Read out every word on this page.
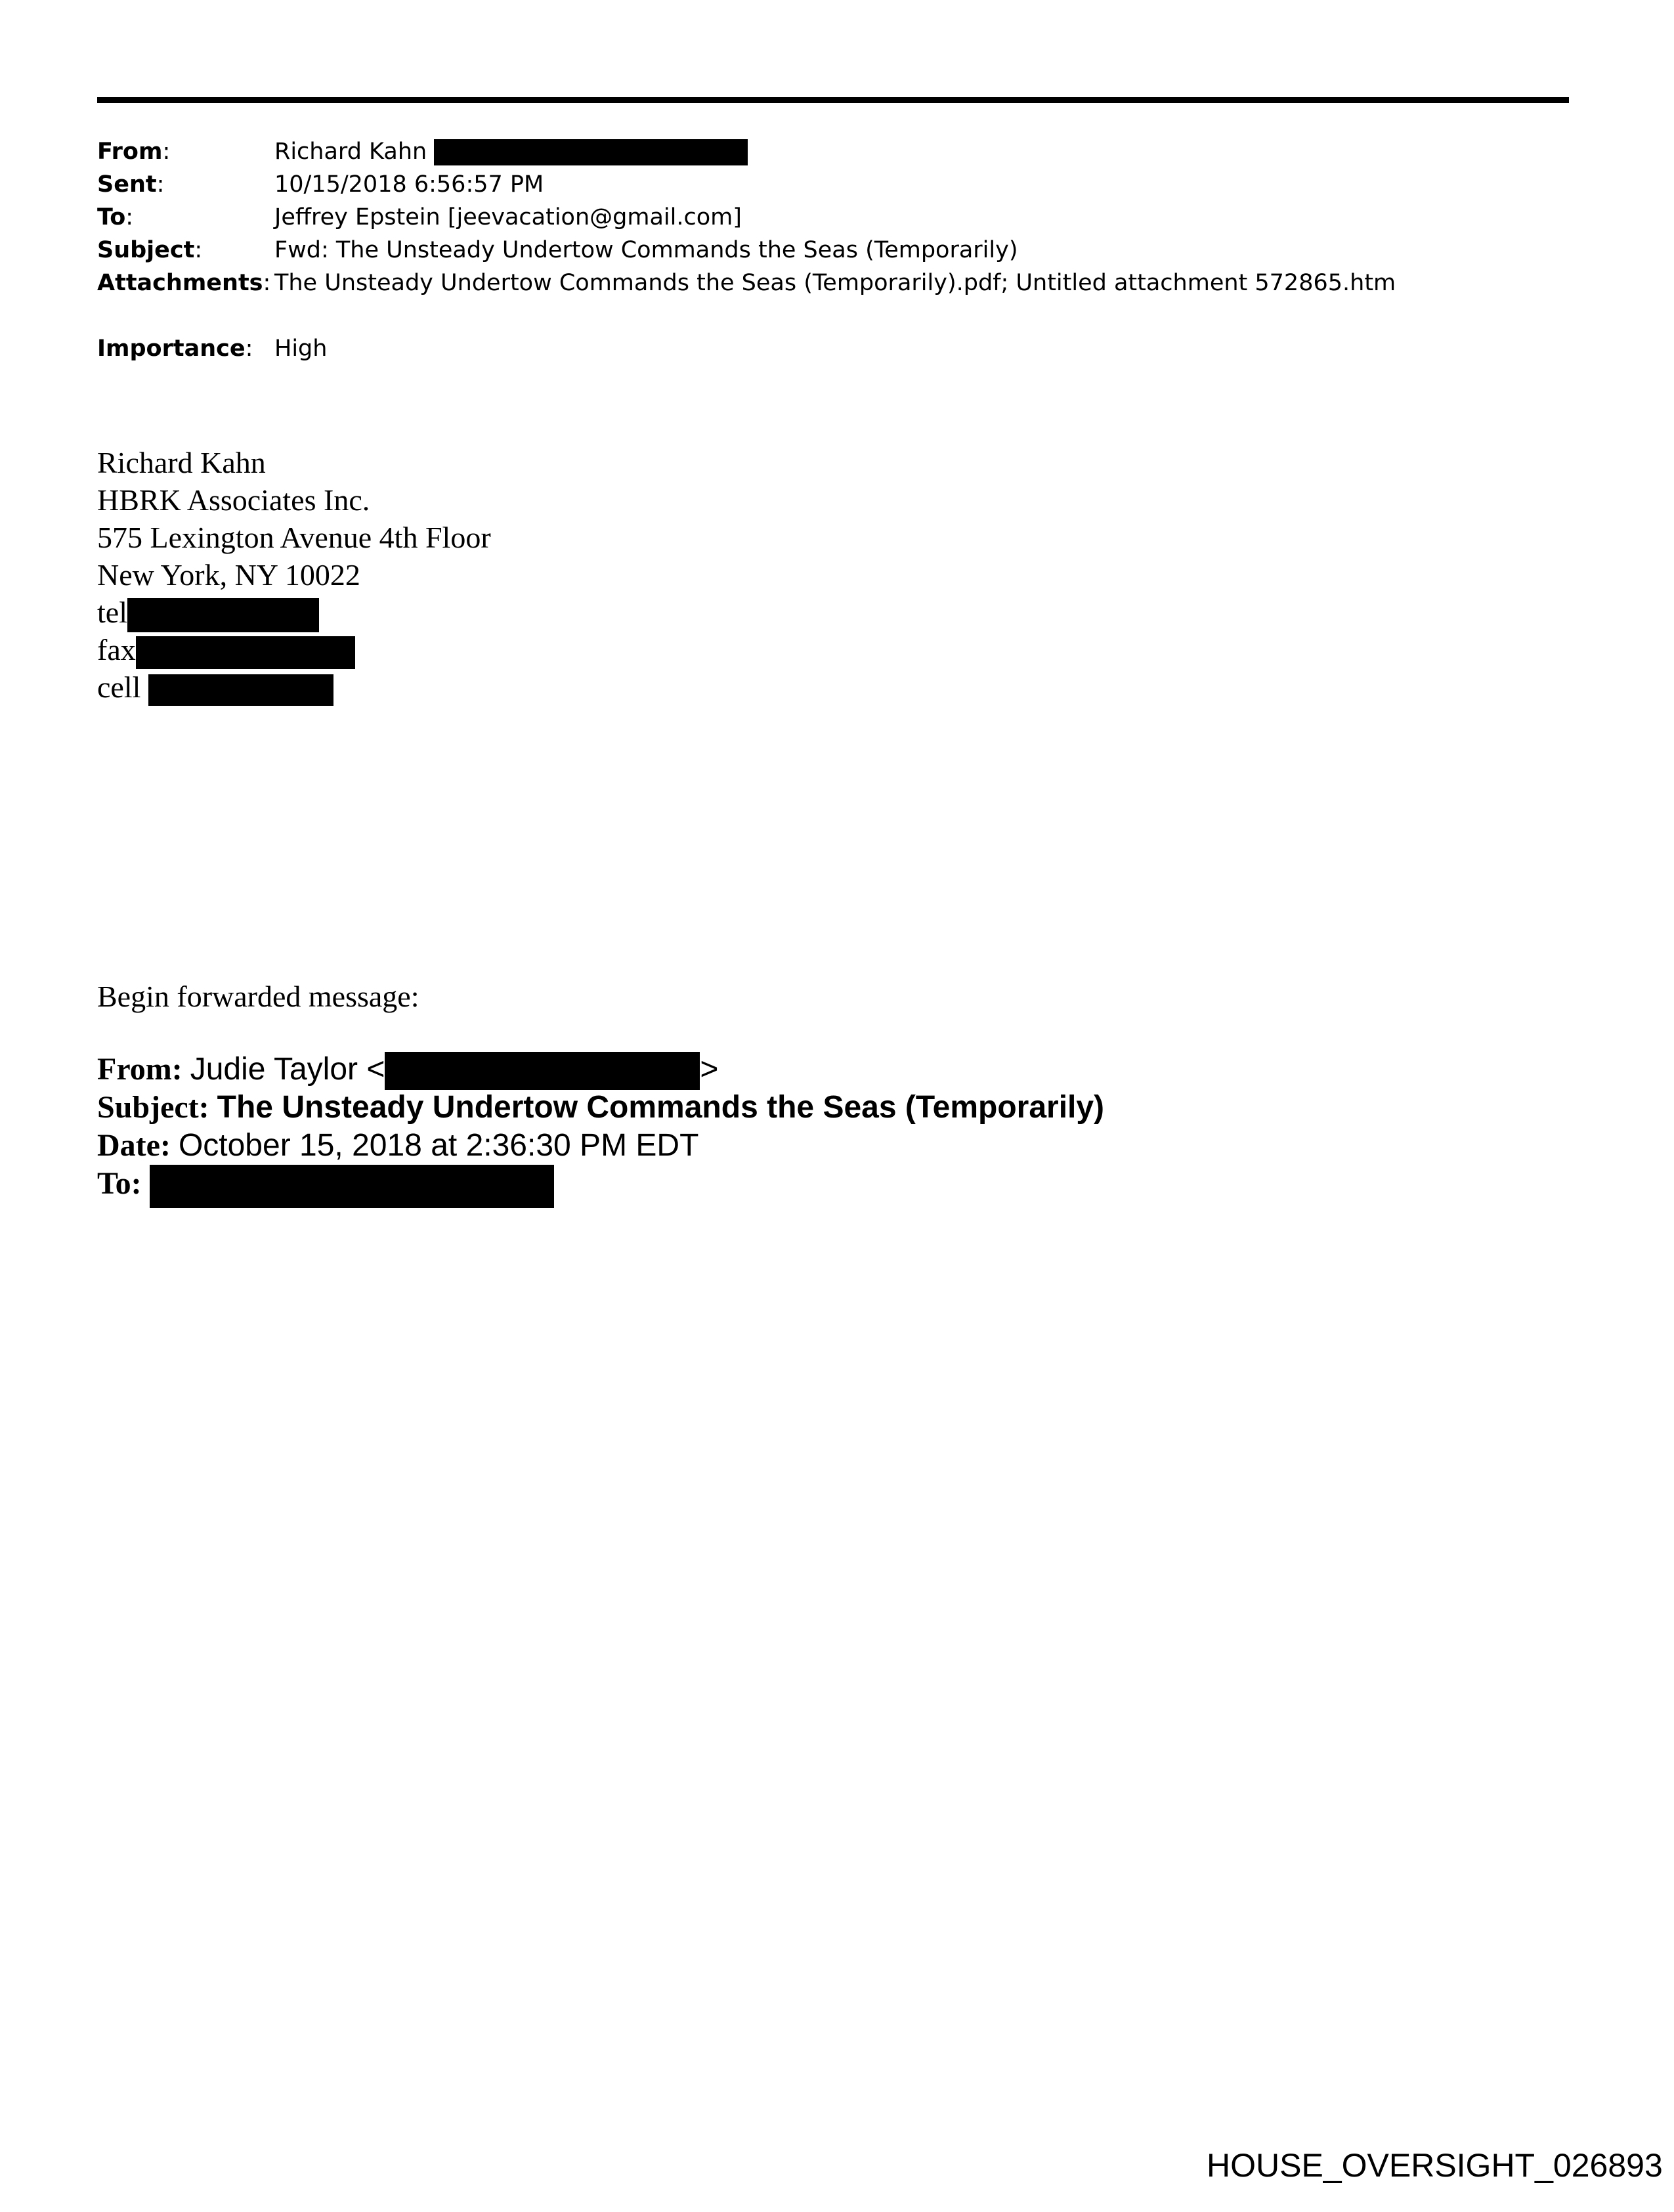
From:	Richard Kahn
Sent:	10/15/2018 6:56:57 PM
To:	Jeffrey Epstein [jeevacation@gmail.com]
Subject:	Fwd: The Unsteady Undertow Commands the Seas (Temporarily)
Attachments: The Unsteady Undertow Commands the Seas (Temporarily).pdf; Untitled attachment 572865.htm
Importance: High
Richard Kahn
HBRK Associates Inc.
575 Lexington Avenue 4th Floor
New York, NY 10022
tel
fax
cell
Begin forwarded message:
From: Judie Taylor <	>
Subject: The Unsteady Undertow Commands the Seas (Temporarily)
Date: October 15, 2018 at 2:36:30 PM EDT
To:
HOUSE_OVERSIGHT_026893
